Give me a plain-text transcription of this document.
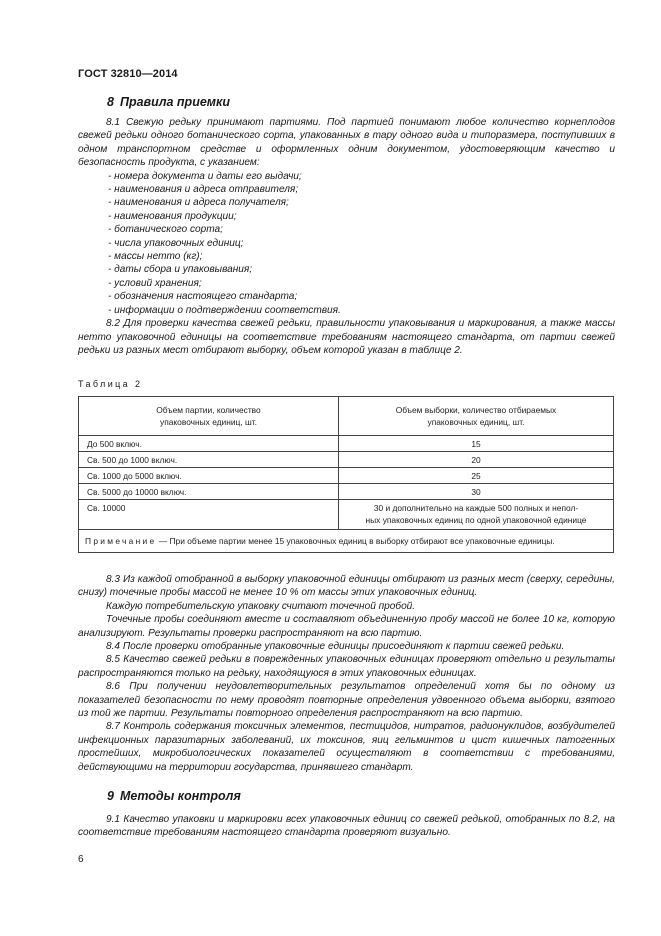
ГОСТ 32810—2014
8 Правила приемки

8.1 Свежую редьку принимают партиями. Под партией понимают любое количество корнеплодов свежей редьки одного ботанического сорта, упакованных в тару одного вида и типоразмера, поступивших в одном транспортном средстве и оформленных одним документом, удостоверяющим качество и безопасность продукта, с указанием:

- номера документа и даты его выдачи;

- наименования и адреса отправителя;

- наименования и адреса получателя;

- наименования продукции;

- ботанического сорта;

- числа упаковочных единиц;

- массы нетто (кг);

- даты сбора и упаковывания;

- условий хранения;

- обозначения настоящего стандарта;

- информации о подтверждении соответствия.

8.2 Для проверки качества свежей редьки, правильности упаковывания и маркирования, а также массы нетто упаковочной единицы на соответствие требованиям настоящего стандарта, от партии свежей редьки из разных мест отбирают выборку, объем которой указан в таблице 2.

Таблица 2
Объем партии, количество
упаковочных единиц, шт.	Объем выборки, количество отбираемых
упаковочных единиц, шт.
До 500 включ.	15
Св. 500 до 1000 включ.	20
Св. 1000 до 5000 включ.	25
Св. 5000 до 10000 включ.	30
Св. 10000	30 и дополнительно на каждые 500 полных и непол-
ных упаковочных единиц по одной упаковочной единице
Примечание — При объеме партии менее 15 упаковочных единиц в выборку отбирают все упаковочные единицы.	

8.3 Из каждой отобранной в выборку упаковочной единицы отбирают из разных мест (сверху, середины, снизу) точечные пробы массой не менее 10 % от массы этих упаковочных единиц.

Каждую потребительскую упаковку считают точечной пробой.

Точечные пробы соединяют вместе и составляют объединенную пробу массой не более 10 кг, которую анализируют. Результаты проверки распространяют на всю партию.

8.4 После проверки отобранные упаковочные единицы присоединяют к партии свежей редьки.

8.5 Качество свежей редьки в поврежденных упаковочных единицах проверяют отдельно и результаты распространяются только на редьку, находящуюся в этих упаковочных единицах.

8.6 При получении неудовлетворительных результатов определений хотя бы по одному из показателей безопасности по нему проводят повторные определения удвоенного объема выборки, взятого из той же партии. Результаты повторного определения распространяют на всю партию.

8.7 Контроль содержания токсичных элементов, пестицидов, нитратов, радионуклидов, возбудителей инфекционных паразитарных заболеваний, их токсинов, яиц гельминтов и цист кишечных патогенных простейших, микробиологических показателей осуществляют в соответствии с требованиями, действующими на территории государства, принявшего стандарт.

9 Методы контроля

9.1 Качество упаковки и маркировки всех упаковочных единиц со свежей редькой, отобранных по 8.2, на соответствие требованиям настоящего стандарта проверяют визуально.

6
